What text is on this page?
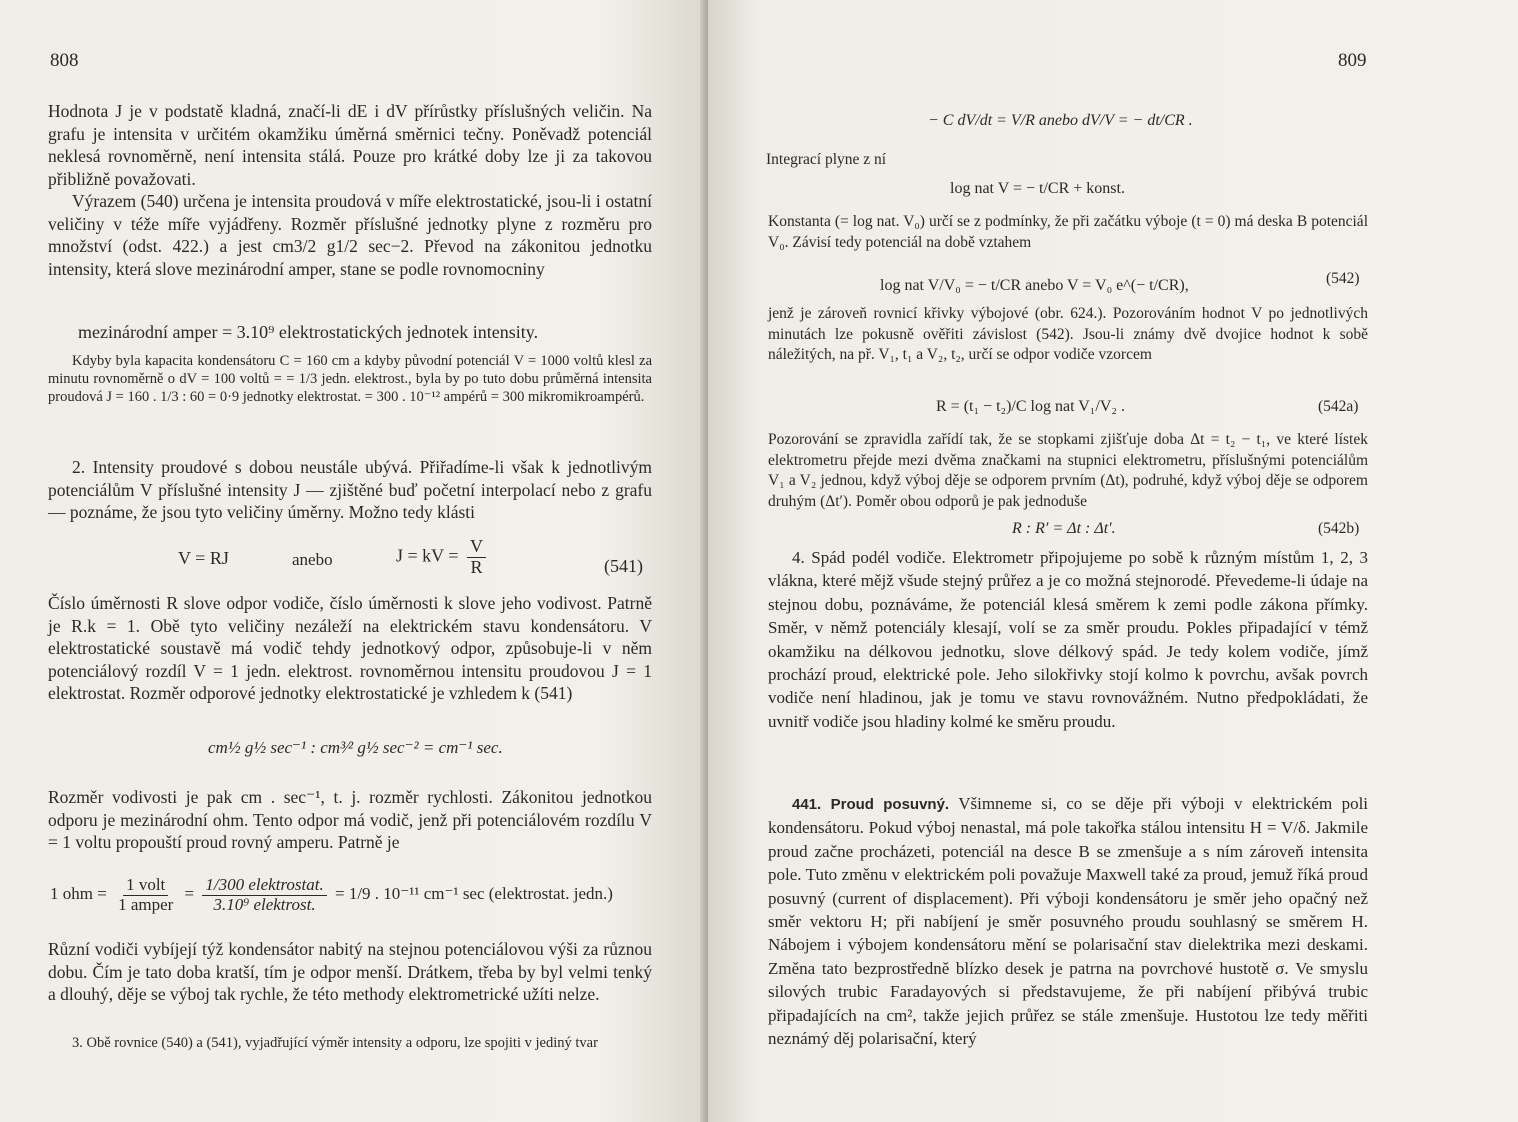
808

Hodnota J je v podstatě kladná, značí-li dE i dV přírůstky příslušných veličin. Na grafu je intensita v určitém okamžiku úměrná směrnici tečny. Poněvadž potenciál neklesá rovnoměrně, není intensita stálá. Pouze pro krátké doby lze ji za takovou přibližně považovati.

Výrazem (540) určena je intensita proudová v míře elektrostatické, jsou-li i ostatní veličiny v téže míře vyjádřeny. Rozměr příslušné jednotky plyne z rozměru pro množství (odst. 422.) a jest cm3/2 g1/2 sec−2. Převod na zákonitou jednotku intensity, která slove mezinárodní amper, stane se podle rovnomocniny

mezinárodní amper = 3.10⁹ elektrostatických jednotek intensity.

Kdyby byla kapacita kondensátoru C = 160 cm a kdyby původní potenciál V = 1000 voltů klesl za minutu rovnoměrně o dV = 100 voltů = = 1/3 jedn. elektrost., byla by po tuto dobu průměrná intensita proudová J = 160 . 1/3 : 60 = 0·9 jednotky elektrostat. = 300 . 10⁻¹² ampérů = 300 mikromikroampérů.

2. Intensity proudové s dobou neustále ubývá. Přiřadíme-li však k jednotlivým potenciálům V příslušné intensity J — zjištěné buď početní interpolací nebo z grafu — poznáme, že jsou tyto veličiny úměrny. Možno tedy klásti

V = RJ	anebo	J = kV = $\frac{V}{R}$	(541)

Číslo úměrnosti R slove odpor vodiče, číslo úměrnosti k slove jeho vodivost. Patrně je R.k = 1. Obě tyto veličiny nezáleží na elektrickém stavu kondensátoru. V elektrostatické soustavě má vodič tehdy jednotkový odpor, způsobuje-li v něm potenciálový rozdíl V = 1 jedn. elektrost. rovnoměrnou intensitu proudovou J = 1 elektrostat. Rozměr odporové jednotky elektrostatické je vzhledem k (541)

cm½ g½ sec⁻¹ : cm³⁄² g½ sec⁻² = cm⁻¹ sec.

Rozměr vodivosti je pak cm . sec⁻¹, t. j. rozměr rychlosti. Zákonitou jednotkou odporu je mezinárodní ohm. Tento odpor má vodič, jenž při potenciálovém rozdílu V = 1 voltu propouští proud rovný amperu. Patrně je

1 ohm = $\frac{\text{1 volt}}{\text{1 amper}} = \frac{\text{1/300 elektrostat.}}{\text{3.10⁹ elektrost.}} = 1/9$ . 10⁻¹¹ cm⁻¹ sec (elektrostat. jedn.)

Různí vodiči vybíjejí týž kondensátor nabitý na stejnou potenciálovou výši za různou dobu. Čím je tato doba kratší, tím je odpor menší. Drátkem, třeba by byl velmi tenký a dlouhý, děje se výboj tak rychle, že této methody elektrometrické užíti nelze.

3. Obě rovnice (540) a (541), vyjadřující výměr intensity a odporu, lze spojiti v jediný tvar

809
− C dV/dt = V/R anebo dV/V = − dt/CR .
Integrací plyne z ní
log nat V = − t/CR + konst.

Konstanta (= log nat. V₀) určí se z podmínky, že při začátku výboje (t = 0) má deska B potenciál V₀. Závisí tedy potenciál na době vztahem

log nat V/V₀ = − t/CR anebo V = V₀ e^(− t/CR),	(542)

jenž je zároveň rovnicí křivky výbojové (obr. 624.). Pozorováním hodnot V po jednotlivých minutách lze pokusně ověřiti závislost (542). Jsou-li známy dvě dvojice hodnot k sobě náležitých, na př. V₁, t₁ a V₂, t₂, určí se odpor vodiče vzorcem

R = (t₁ − t₂)/C log nat V₁/V₂ .	(542a)

Pozorování se zpravidla zařídí tak, že se stopkami zjišťuje doba Δt = t₂ − t₁, ve které lístek elektrometru přejde mezi dvěma značkami na stupnici elektrometru, příslušnými potenciálům V₁ a V₂ jednou, když výboj děje se odporem prvním (Δt), podruhé, když výboj děje se odporem druhým (Δt′). Poměr obou odporů je pak jednoduše

R : R′ = Δt : Δt′.	(542b)

4. Spád podél vodiče. Elektrometr připojujeme po sobě k různým místům 1, 2, 3 vlákna, které mějž všude stejný průřez a je co možná stejnorodé. Převedeme-li údaje na stejnou dobu, poznáváme, že potenciál klesá směrem k zemi podle zákona přímky. Směr, v němž potenciály klesají, volí se za směr proudu. Pokles připadající v témž okamžiku na délkovou jednotku, slove délkový spád. Je tedy kolem vodiče, jímž prochází proud, elektrické pole. Jeho silokřivky stojí kolmo k povrchu, avšak povrch vodiče není hladinou, jak je tomu ve stavu rovnovážném. Nutno předpokládati, že uvnitř vodiče jsou hladiny kolmé ke směru proudu.

441. Proud posuvný. Všimneme si, co se děje při výboji v elektrickém poli kondensátoru. Pokud výboj nenastal, má pole takořka stálou intensitu H = V/δ. Jakmile proud začne procházeti, potenciál na desce B se zmenšuje a s ním zároveň intensita pole. Tuto změnu v elektrickém poli považuje Maxwell také za proud, jemuž říká proud posuvný (current of displacement). Při výboji kondensátoru je směr jeho opačný než směr vektoru H; při nabíjení je směr posuvného proudu souhlasný se směrem H. Nábojem i výbojem kondensátoru mění se polarisační stav dielektrika mezi deskami. Změna tato bezprostředně blízko desek je patrna na povrchové hustotě σ. Ve smyslu silových trubic Faradayových si představujeme, že při nabíjení přibývá trubic připadajících na cm², takže jejich průřez se stále zmenšuje. Hustotou lze tedy měřiti neznámý děj polarisační, který
